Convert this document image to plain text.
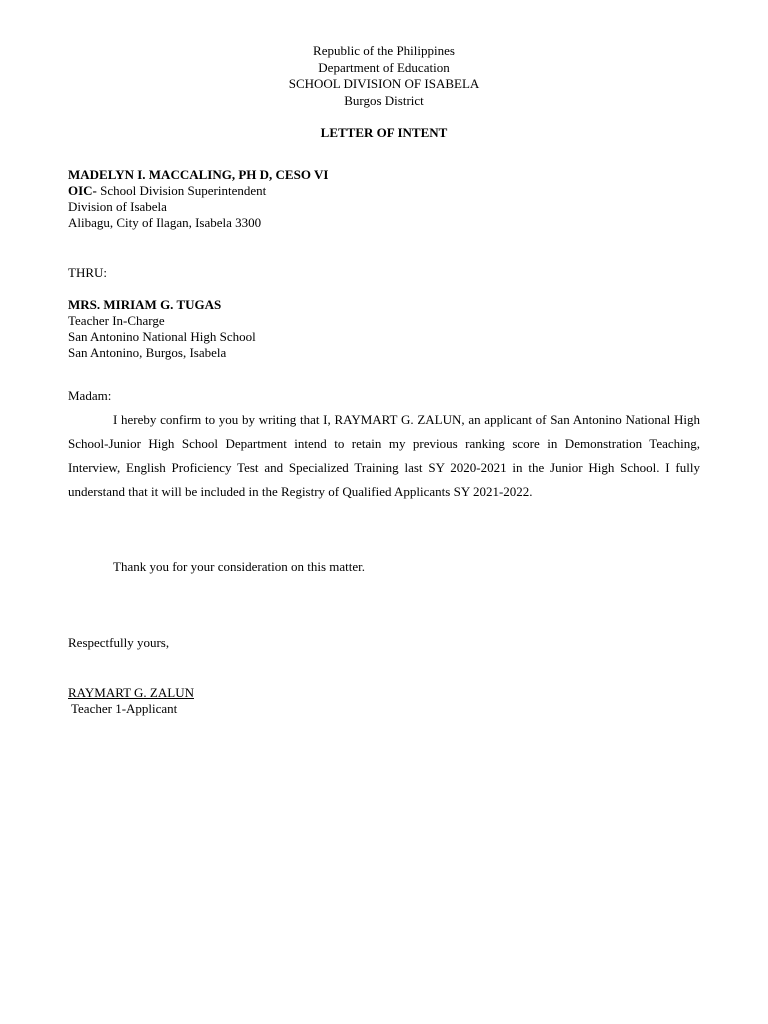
Republic of the Philippines
Department of Education
SCHOOL DIVISION OF ISABELA
Burgos District
LETTER OF INTENT
MADELYN I. MACCALING, PH D, CESO VI
OIC- School Division Superintendent
Division of Isabela
Alibagu, City of Ilagan, Isabela 3300
THRU:
MRS. MIRIAM G. TUGAS
Teacher In-Charge
San Antonino National High School
San Antonino, Burgos, Isabela
Madam:
I hereby confirm to you by writing that I, RAYMART G. ZALUN, an applicant of San Antonino National High School-Junior High School Department intend to retain my previous ranking score in Demonstration Teaching, Interview, English Proficiency Test and Specialized Training last SY 2020-2021 in the Junior High School. I fully understand that it will be included in the Registry of Qualified Applicants SY 2021-2022.
Thank you for your consideration on this matter.
Respectfully yours,
RAYMART G. ZALUN
Teacher 1-Applicant
